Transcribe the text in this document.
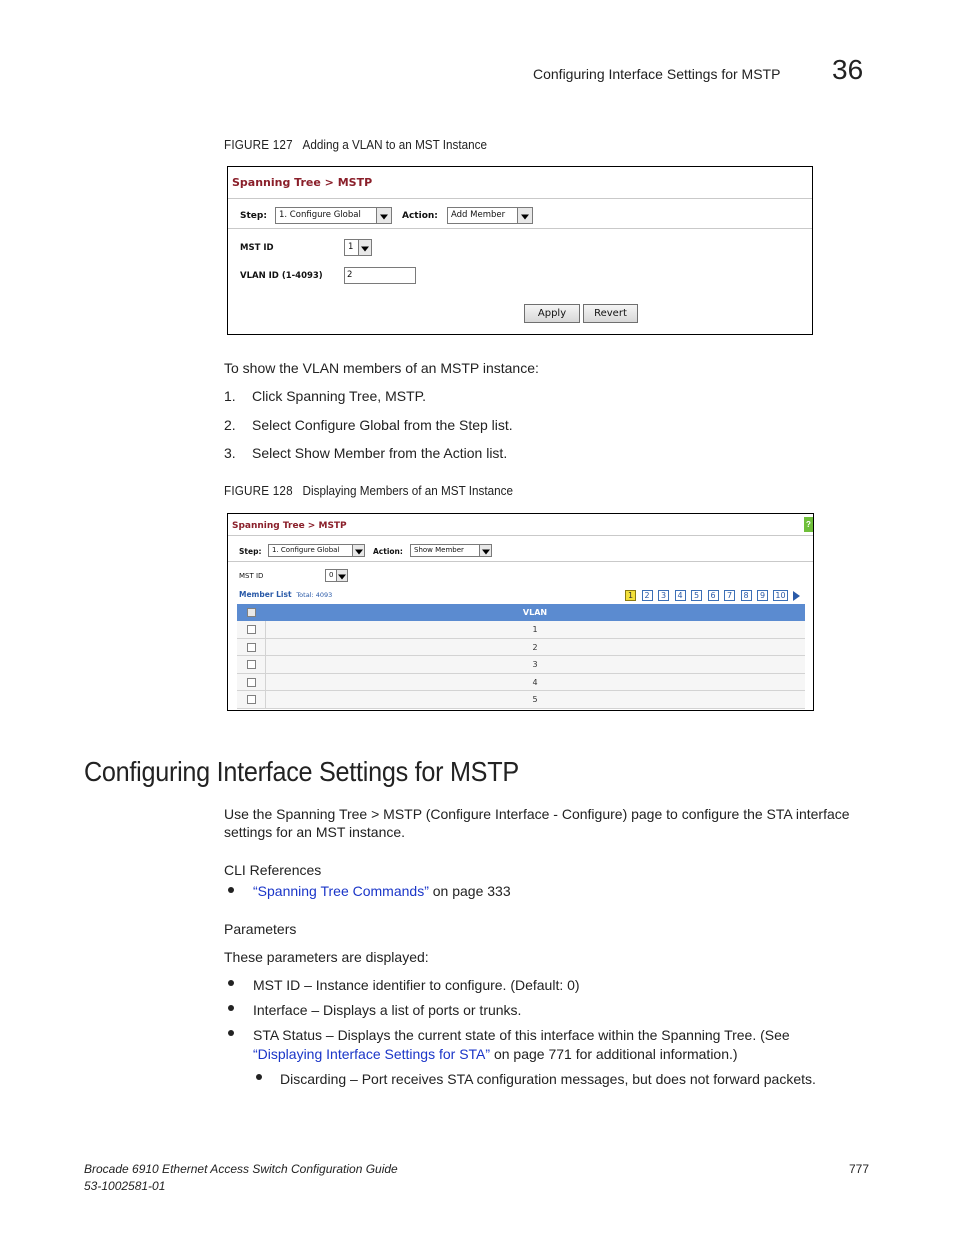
Configuring Interface Settings for MSTP 36
FIGURE 127 Adding a VLAN to an MST Instance
Spanning Tree > MSTP
Step:	1. Configure Global	Action:	Add Member
MST ID	1
VLAN ID (1-4093)	2
Apply	Revert
To show the VLAN members of an MSTP instance:
1. Click Spanning Tree, MSTP.
2. Select Configure Global from the Step list.
3. Select Show Member from the Action list.
FIGURE 128 Displaying Members of an MST Instance
Spanning Tree > MSTP	?
Step:	1. Configure Global	Action:	Show Member
MST ID	0
Member List Total: 4093	1	2	3	4	5	6	7	8	9	10
VLAN
1
2
3
4
5
Configuring Interface Settings for MSTP
Use the Spanning Tree > MSTP (Configure Interface - Configure) page to configure the STA interface
settings for an MST instance.
CLI References
“Spanning Tree Commands” on page 333
Parameters
These parameters are displayed:
MST ID – Instance identifier to configure. (Default: 0)
Interface – Displays a list of ports or trunks.
STA Status – Displays the current state of this interface within the Spanning Tree. (See
“Displaying Interface Settings for STA” on page 771 for additional information.)
Discarding – Port receives STA configuration messages, but does not forward packets.
Brocade 6910 Ethernet Access Switch Configuration Guide
53-1002581-01
777
